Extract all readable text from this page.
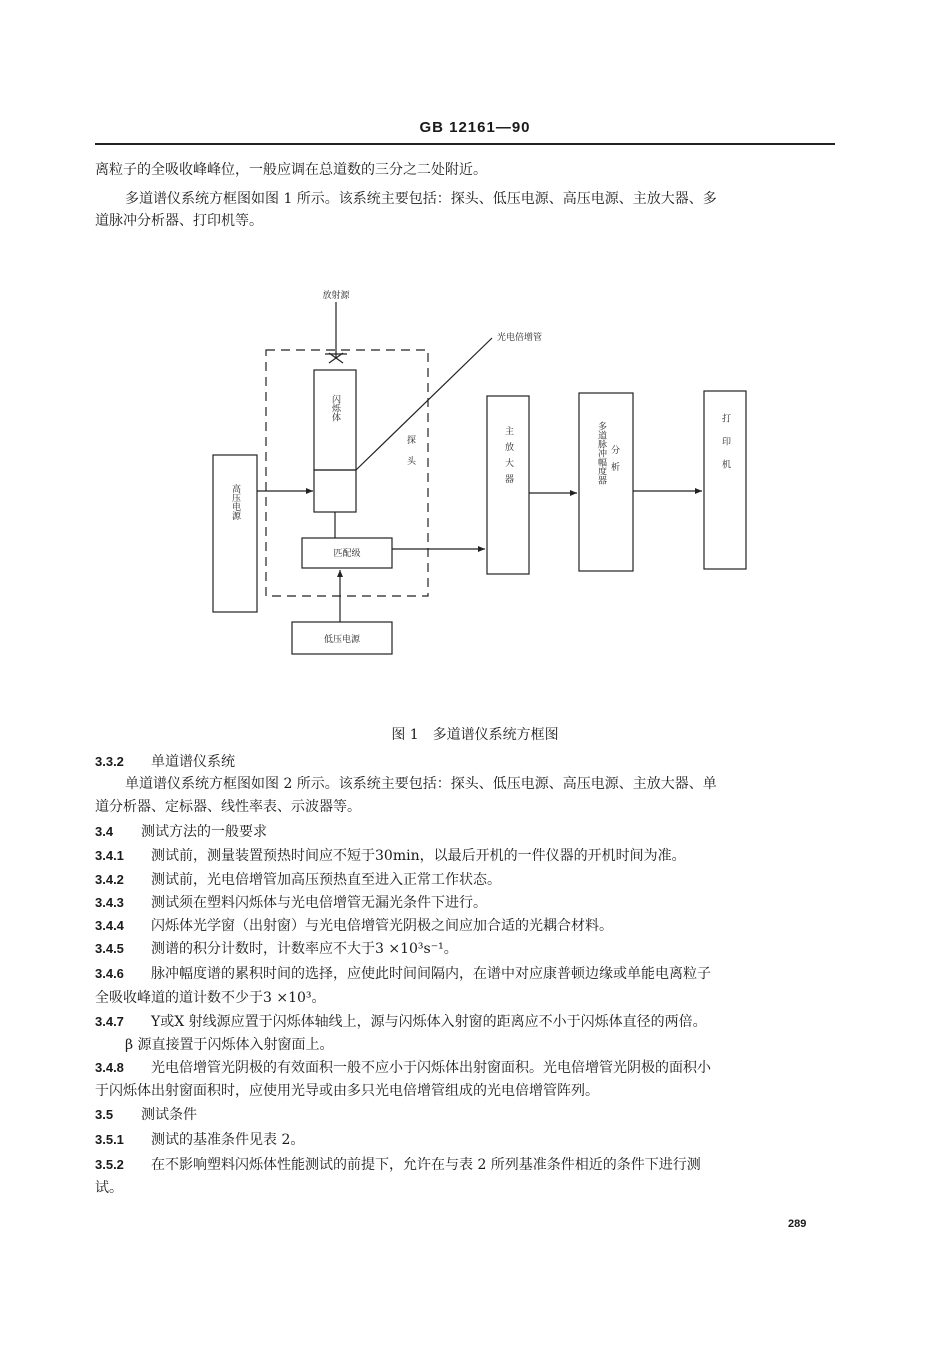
GB 12161—90
离粒子的全吸收峰峰位，一般应调在总道数的三分之二处附近。
多道谱仪系统方框图如图 1 所示。该系统主要包括：探头、低压电源、高压电源、主放大器、多
道脉冲分析器、打印机等。
放射源
光电倍增管
闪烁体
探头
高压电源
匹配级
低压电源
主放大器	多道脉冲幅度器 分析	打印机
图 1　多道谱仪系统方框图
3.3.2 单道谱仪系统
单道谱仪系统方框图如图 2 所示。该系统主要包括：探头、低压电源、高压电源、主放大器、单
道分析器、定标器、线性率表、示波器等。
3.4 测试方法的一般要求
3.4.1 测试前，测量装置预热时间应不短于30min，以最后开机的一件仪器的开机时间为准。
3.4.2 测试前，光电倍增管加高压预热直至进入正常工作状态。
3.4.3 测试须在塑料闪烁体与光电倍增管无漏光条件下进行。
3.4.4 闪烁体光学窗（出射窗）与光电倍增管光阴极之间应加合适的光耦合材料。
3.4.5 测谱的积分计数时，计数率应不大于3 ×10³s⁻¹。
3.4.6 脉冲幅度谱的累积时间的选择，应使此时间间隔内，在谱中对应康普顿边缘或单能电离粒子
全吸收峰道的道计数不少于3 ×10³。
3.4.7 Y或X 射线源应置于闪烁体轴线上，源与闪烁体入射窗的距离应不小于闪烁体直径的两倍。
β 源直接置于闪烁体入射窗面上。
3.4.8 光电倍增管光阴极的有效面积一般不应小于闪烁体出射窗面积。光电倍增管光阴极的面积小
于闪烁体出射窗面积时，应使用光导或由多只光电倍增管组成的光电倍增管阵列。
3.5 测试条件
3.5.1 测试的基准条件见表 2。
3.5.2 在不影响塑料闪烁体性能测试的前提下，允许在与表 2 所列基准条件相近的条件下进行测
试。
289
